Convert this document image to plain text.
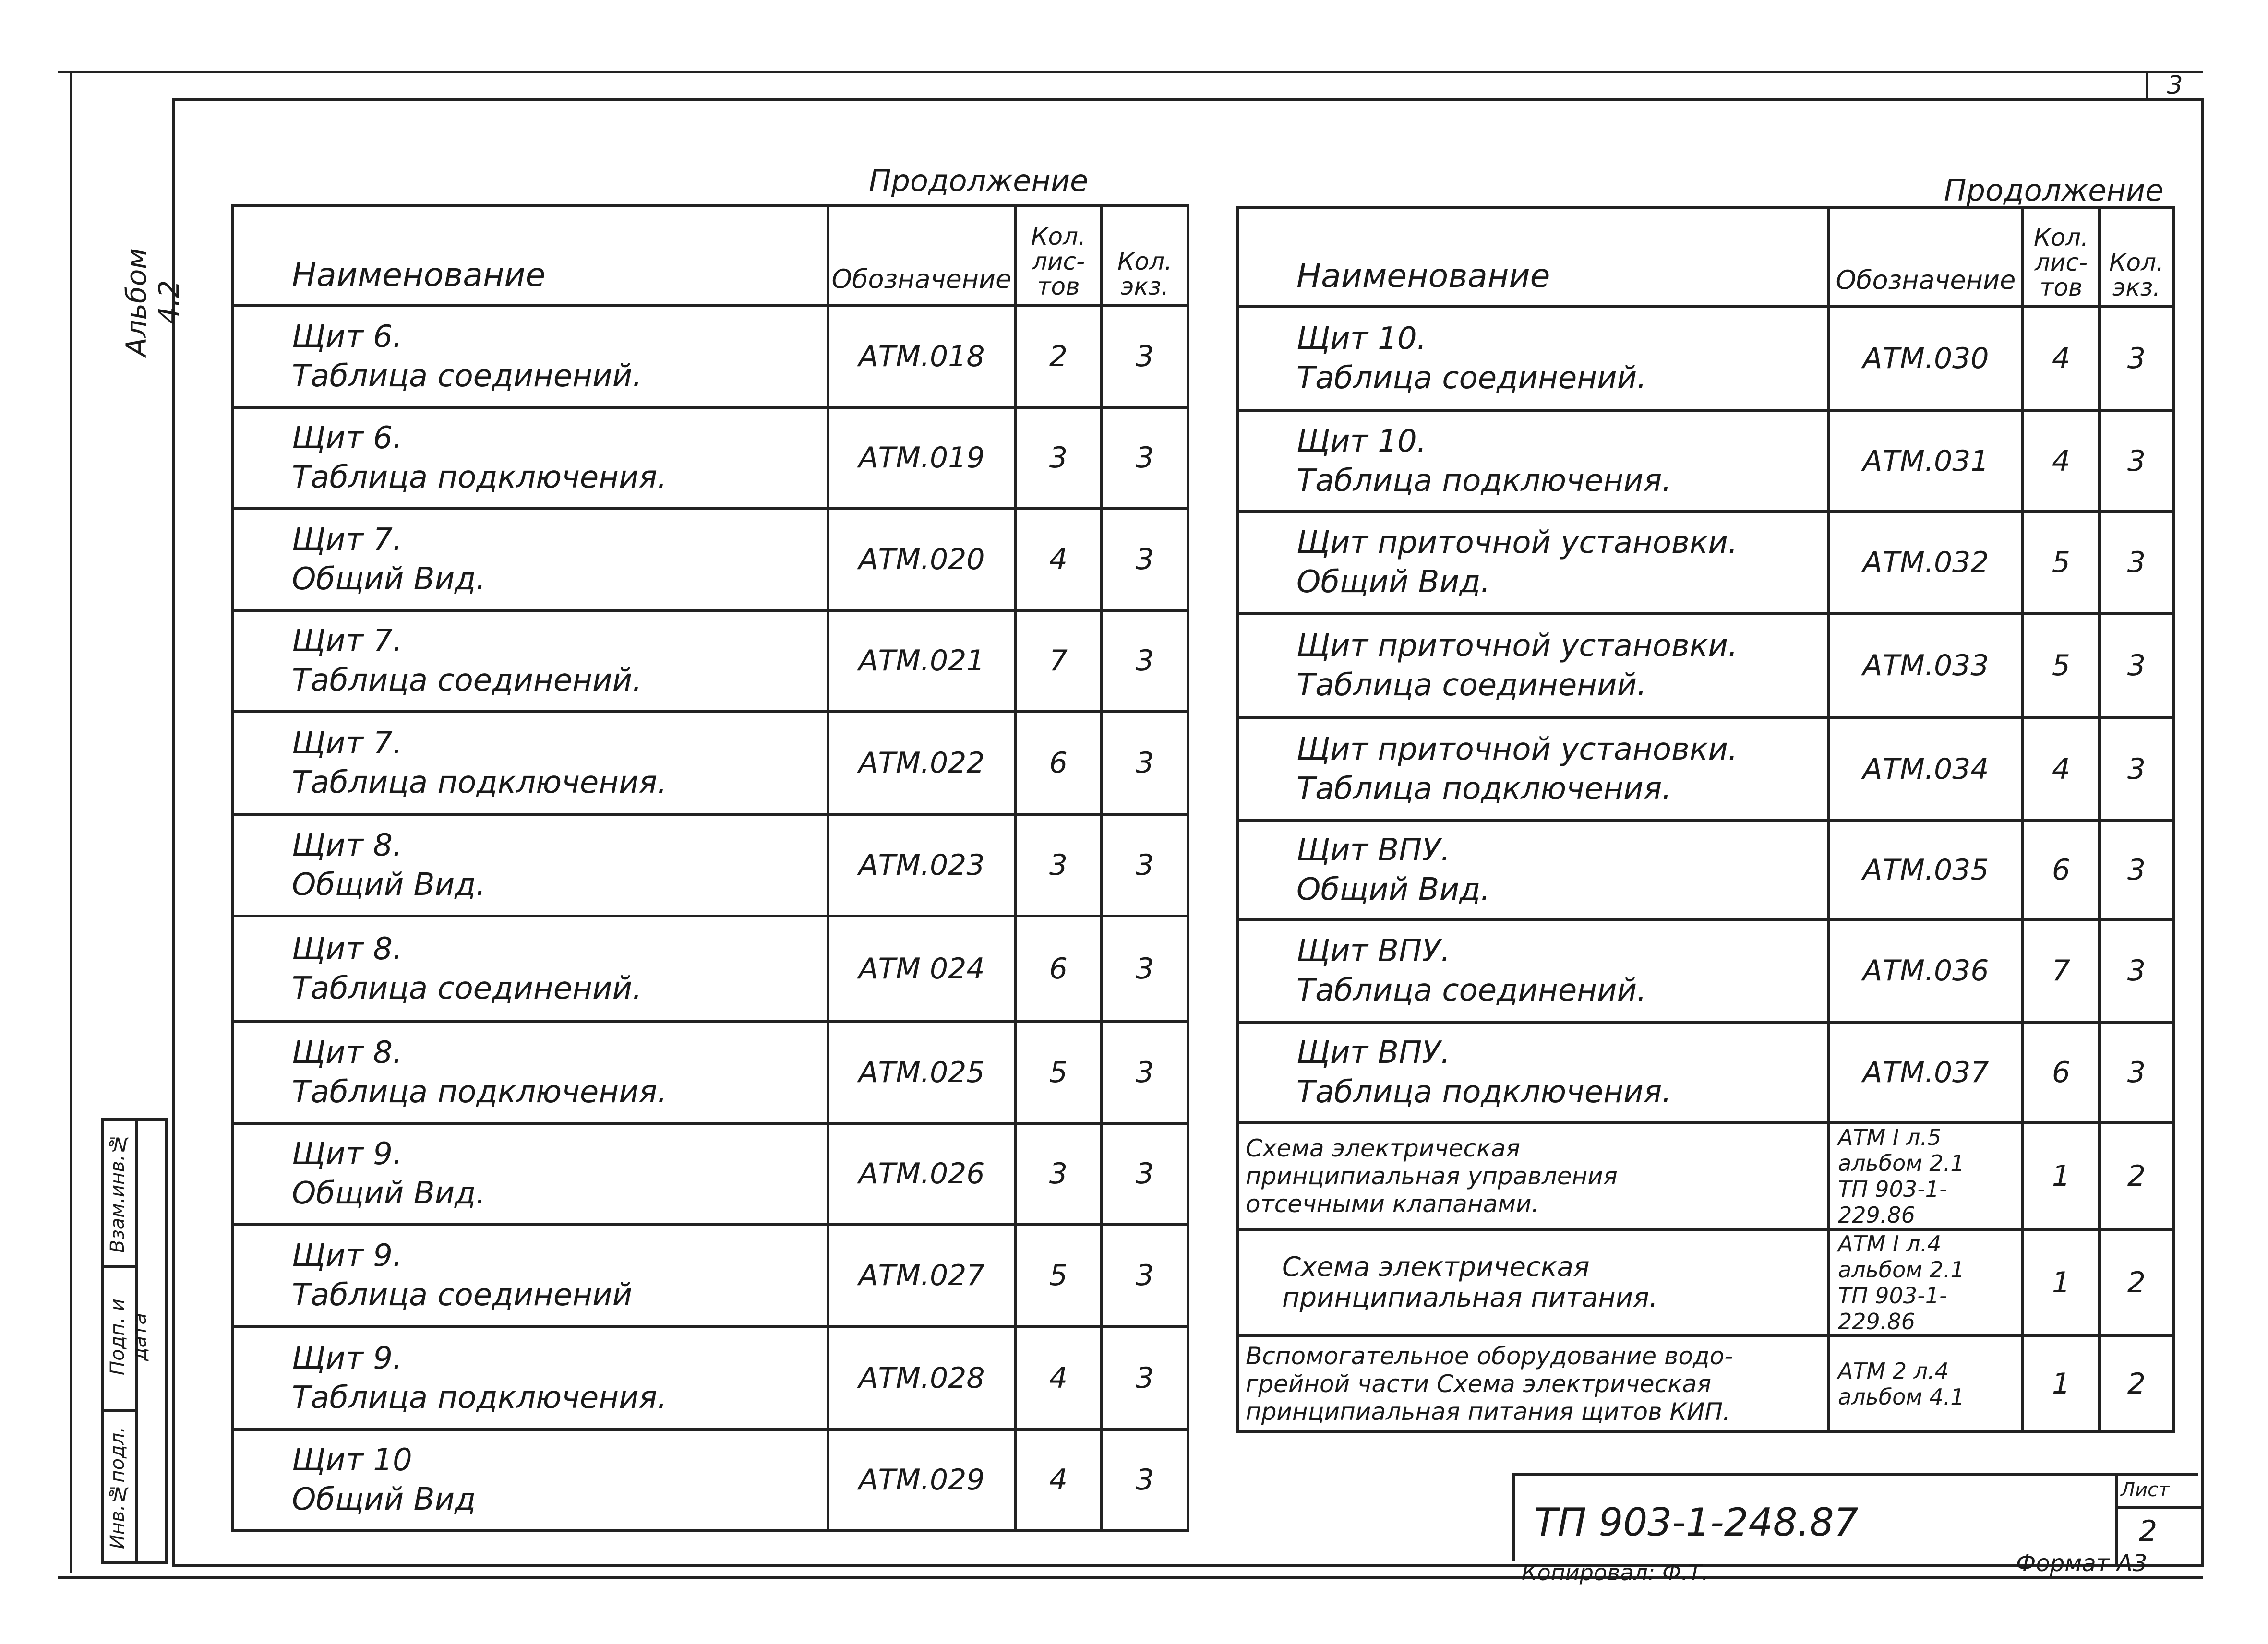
3
Альбом 4.2
Взам.инв.№
Подп. и дата
Инв.№подл.
Продолжение	Продолжение
Наименование	Обозначение	Кол. лис- тов	Кол. экз.
Щит 6.
Таблица соединений.	АТМ.018	2	3
Щит 6.
Таблица подключения.	АТМ.019	3	3
Щит 7.
Общий Вид.	АТМ.020	4	3
Щит 7.
Таблица соединений.	АТМ.021	7	3
Щит 7.
Таблица подключения.	АТМ.022	6	3
Щит 8.
Общий Вид.	АТМ.023	3	3
Щит 8.
Таблица соединений.	АТМ 024	6	3
Щит 8.
Таблица подключения.	АТМ.025	5	3
Щит 9.
Общий Вид.	АТМ.026	3	3
Щит 9.
Таблица соединений	АТМ.027	5	3
Щит 9.
Таблица подключения.	АТМ.028	4	3
Щит 10
Общий Вид	АТМ.029	4	3
Наименование	Обозначение	Кол. лис- тов	Кол. экз.
Щит 10.
Таблица соединений.	АТМ.030	4	3
Щит 10.
Таблица подключения.	АТМ.031	4	3
Щит приточной установки.
Общий Вид.	АТМ.032	5	3
Щит приточной установки.
Таблица соединений.	АТМ.033	5	3
Щит приточной установки.
Таблица подключения.	АТМ.034	4	3
Щит ВПУ.
Общий Вид.	АТМ.035	6	3
Щит ВПУ.
Таблица соединений.	АТМ.036	7	3
Щит ВПУ.
Таблица подключения.	АТМ.037	6	3
Схема электрическая
принципиальная управления
отсечными клапанами.	АТМ I л.5
альбом 2.1
ТП 903-1-229.86	1	2
Схема электрическая
принципиальная питания.	АТМ I л.4
альбом 2.1
ТП 903-1-229.86	1	2
Вспомогательное оборудование водо-
грейной части Схема электрическая
принципиальная питания щитов КИП.	АТМ 2 л.4
альбом 4.1	1	2
ТП 903-1-248.87
Лист
2
Копировал: Ф.Т.	Формат А3
